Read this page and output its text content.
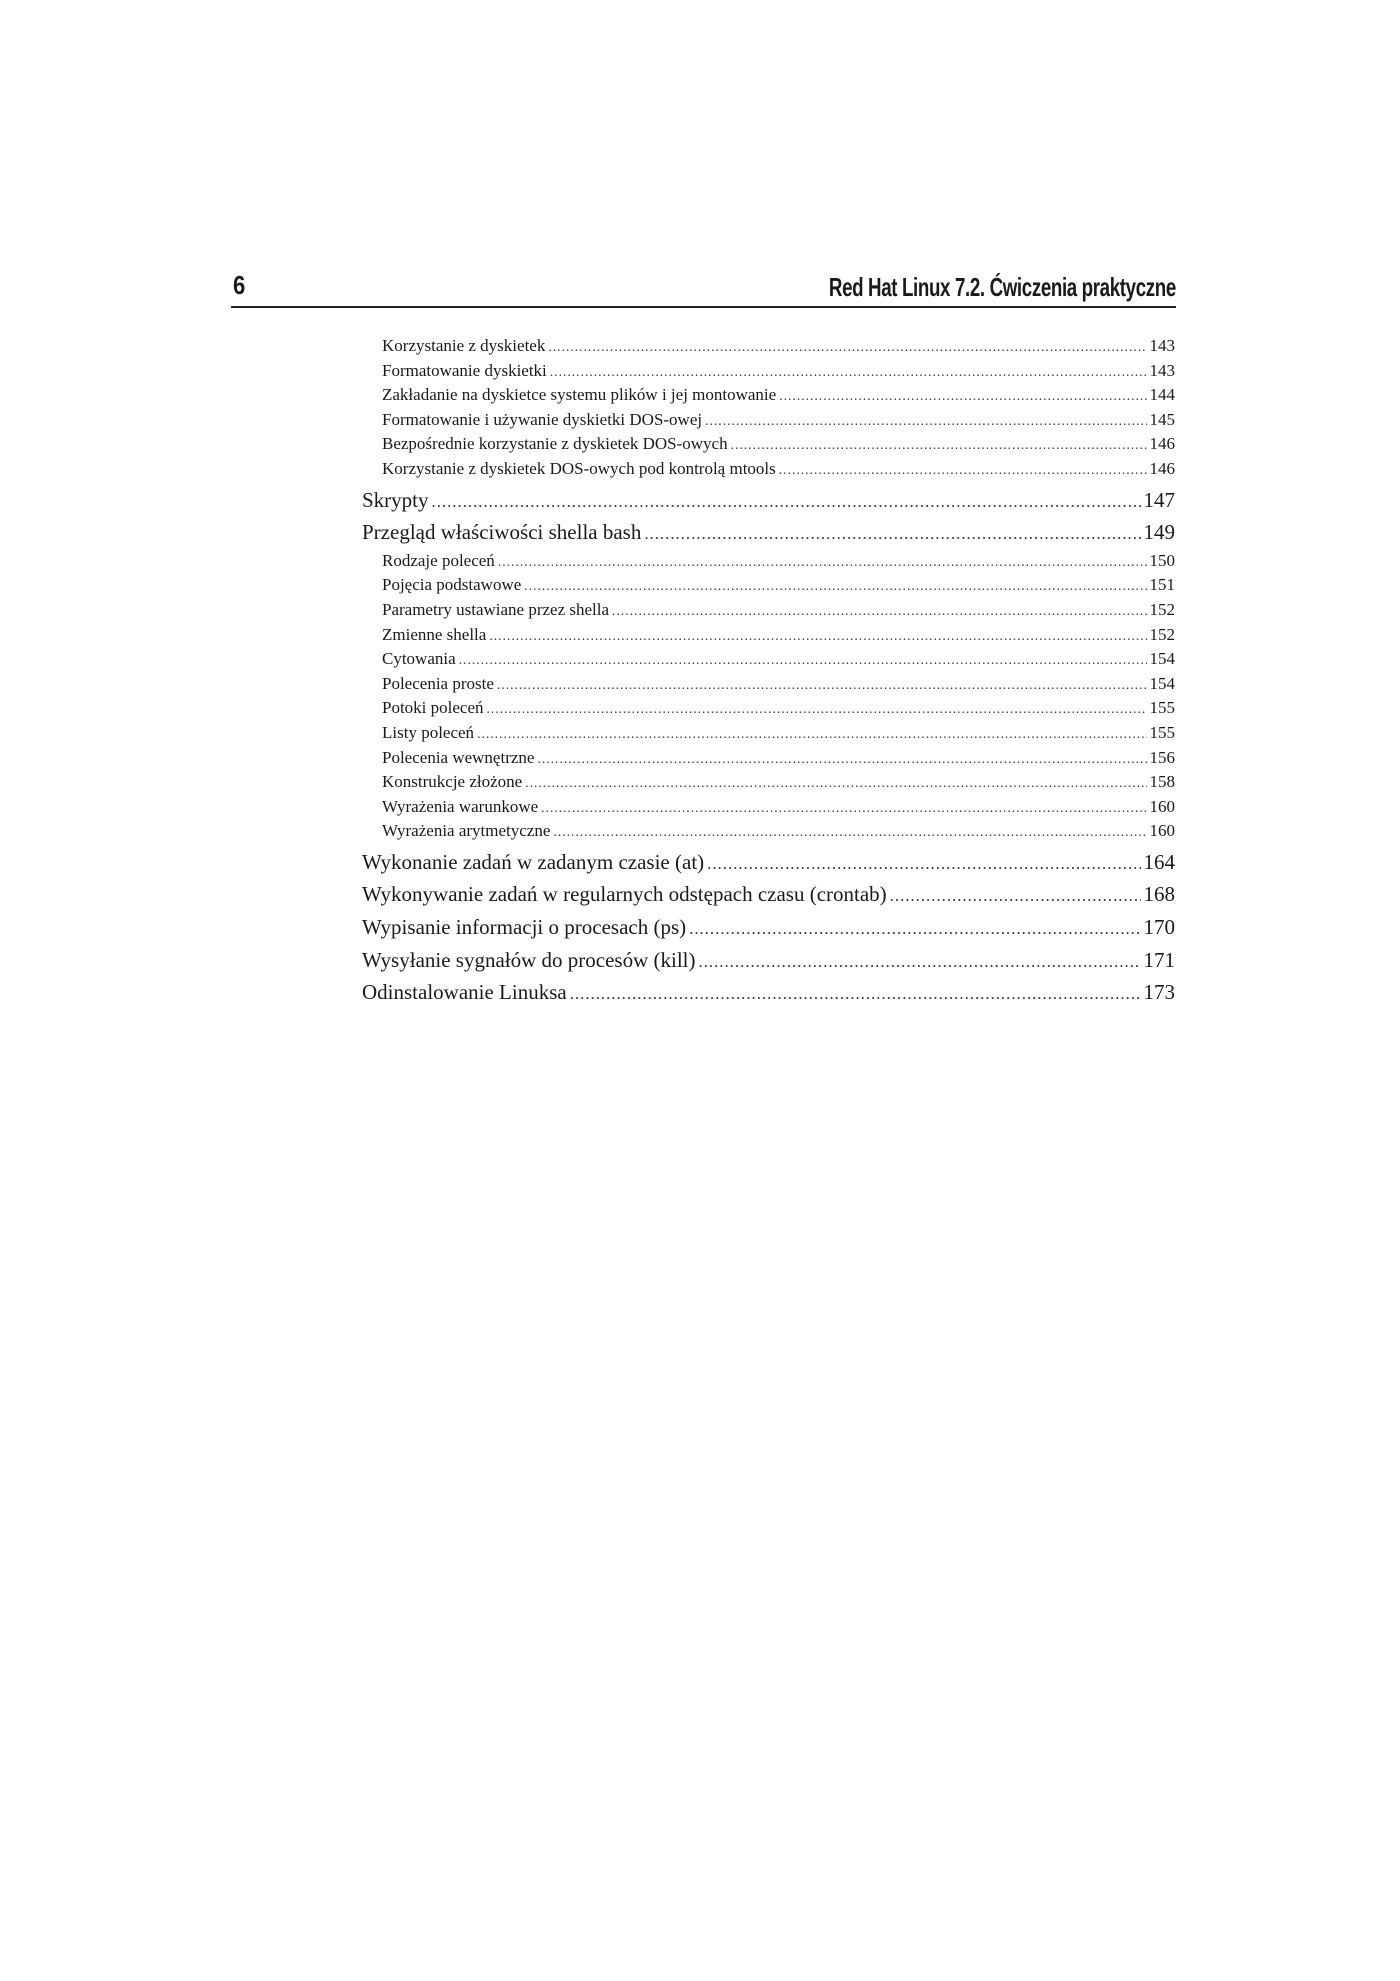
6	Red Hat Linux 7.2. Ćwiczenia praktyczne
Korzystanie z dyskietek .....	143
Formatowanie dyskietki .....	143
Zakładanie na dyskietce systemu plików i jej montowanie .....	144
Formatowanie i używanie dyskietki DOS-owej .....	145
Bezpośrednie korzystanie z dyskietek DOS-owych .....	146
Korzystanie z dyskietek DOS-owych pod kontrolą mtools .....	146
Skrypty .....	147
Przegląd właściwości shella bash .....	149
Rodzaje poleceń .....	150
Pojęcia podstawowe .....	151
Parametry ustawiane przez shella .....	152
Zmienne shella .....	152
Cytowania .....	154
Polecenia proste .....	154
Potoki poleceń .....	155
Listy poleceń .....	155
Polecenia wewnętrzne .....	156
Konstrukcje złożone .....	158
Wyrażenia warunkowe .....	160
Wyrażenia arytmetyczne .....	160
Wykonanie zadań w zadanym czasie (at) .....	164
Wykonywanie zadań w regularnych odstępach czasu (crontab) .....	168
Wypisanie informacji o procesach (ps) .....	170
Wysyłanie sygnałów do procesów (kill) .....	171
Odinstalowanie Linuksa .....	173
